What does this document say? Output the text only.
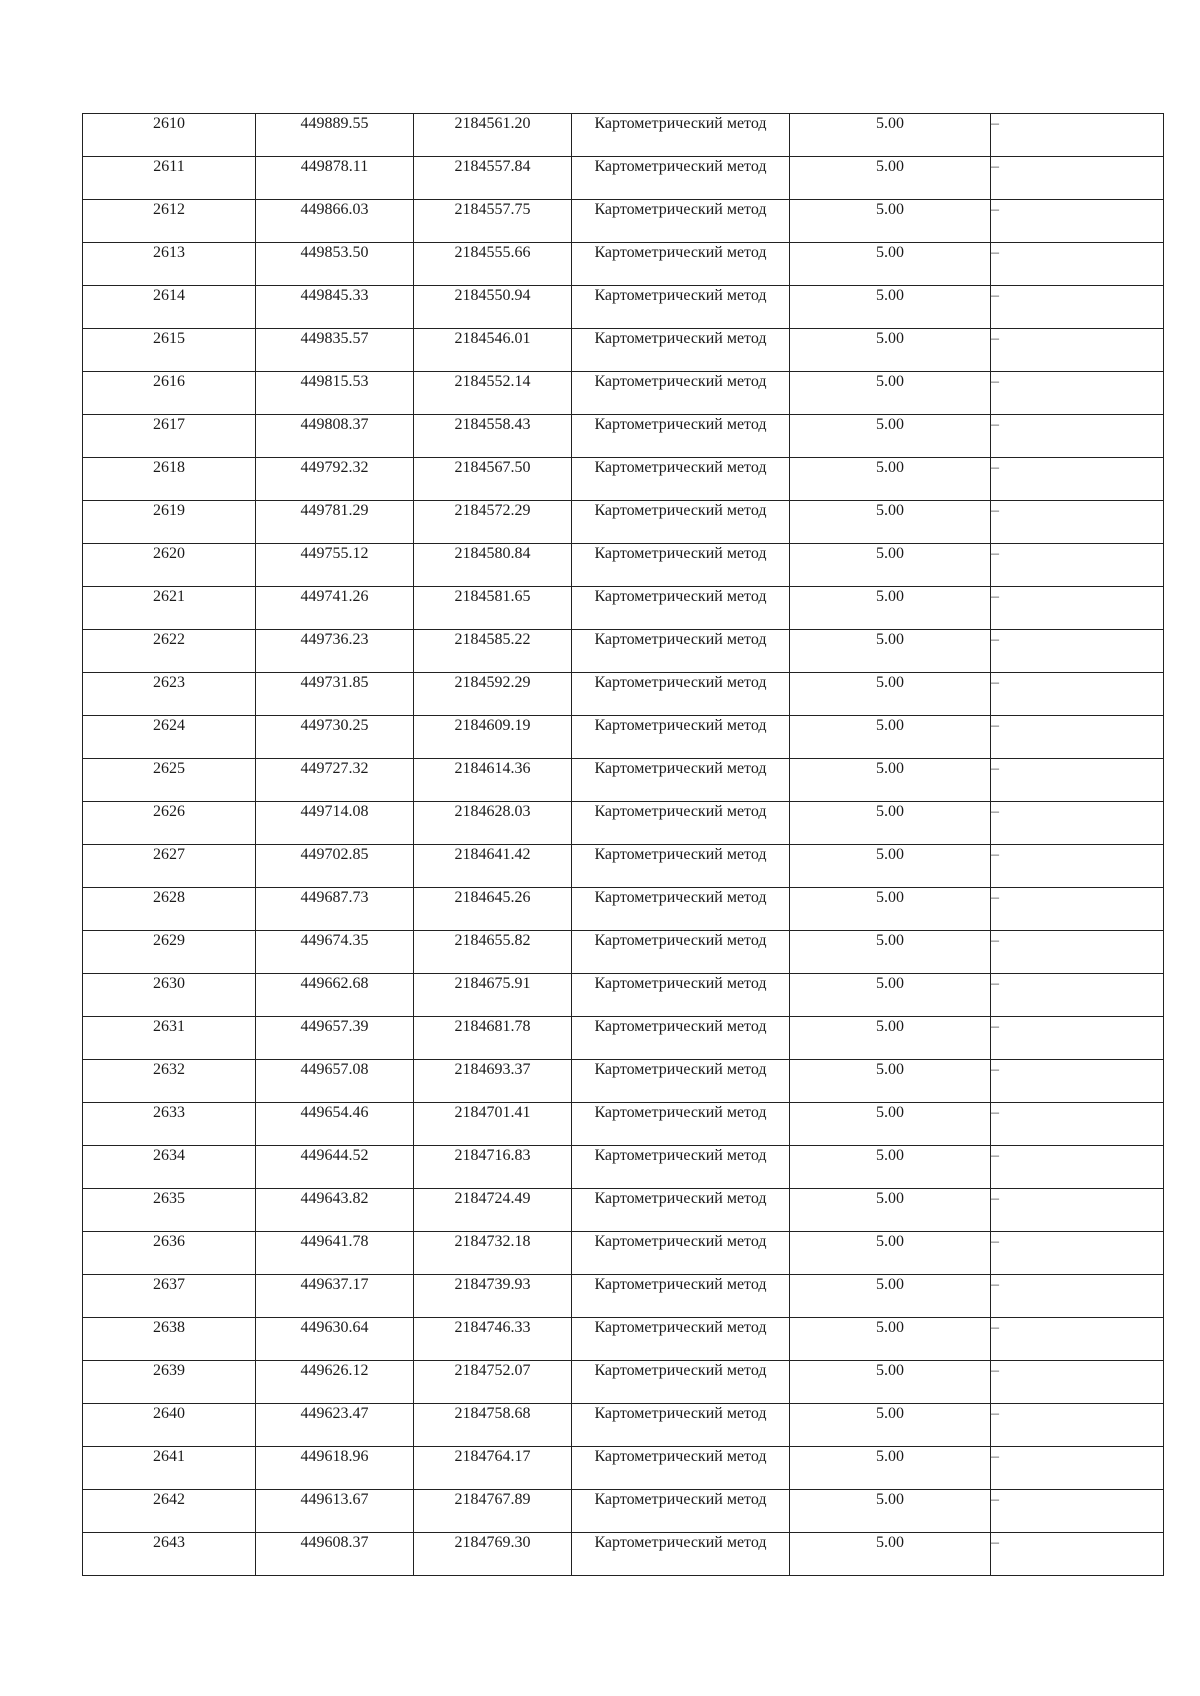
2610	449889.55	2184561.20	Картометрический метод	5.00	–
2611	449878.11	2184557.84	Картометрический метод	5.00	–
2612	449866.03	2184557.75	Картометрический метод	5.00	–
2613	449853.50	2184555.66	Картометрический метод	5.00	–
2614	449845.33	2184550.94	Картометрический метод	5.00	–
2615	449835.57	2184546.01	Картометрический метод	5.00	–
2616	449815.53	2184552.14	Картометрический метод	5.00	–
2617	449808.37	2184558.43	Картометрический метод	5.00	–
2618	449792.32	2184567.50	Картометрический метод	5.00	–
2619	449781.29	2184572.29	Картометрический метод	5.00	–
2620	449755.12	2184580.84	Картометрический метод	5.00	–
2621	449741.26	2184581.65	Картометрический метод	5.00	–
2622	449736.23	2184585.22	Картометрический метод	5.00	–
2623	449731.85	2184592.29	Картометрический метод	5.00	–
2624	449730.25	2184609.19	Картометрический метод	5.00	–
2625	449727.32	2184614.36	Картометрический метод	5.00	–
2626	449714.08	2184628.03	Картометрический метод	5.00	–
2627	449702.85	2184641.42	Картометрический метод	5.00	–
2628	449687.73	2184645.26	Картометрический метод	5.00	–
2629	449674.35	2184655.82	Картометрический метод	5.00	–
2630	449662.68	2184675.91	Картометрический метод	5.00	–
2631	449657.39	2184681.78	Картометрический метод	5.00	–
2632	449657.08	2184693.37	Картометрический метод	5.00	–
2633	449654.46	2184701.41	Картометрический метод	5.00	–
2634	449644.52	2184716.83	Картометрический метод	5.00	–
2635	449643.82	2184724.49	Картометрический метод	5.00	–
2636	449641.78	2184732.18	Картометрический метод	5.00	–
2637	449637.17	2184739.93	Картометрический метод	5.00	–
2638	449630.64	2184746.33	Картометрический метод	5.00	–
2639	449626.12	2184752.07	Картометрический метод	5.00	–
2640	449623.47	2184758.68	Картометрический метод	5.00	–
2641	449618.96	2184764.17	Картометрический метод	5.00	–
2642	449613.67	2184767.89	Картометрический метод	5.00	–
2643	449608.37	2184769.30	Картометрический метод	5.00	–
